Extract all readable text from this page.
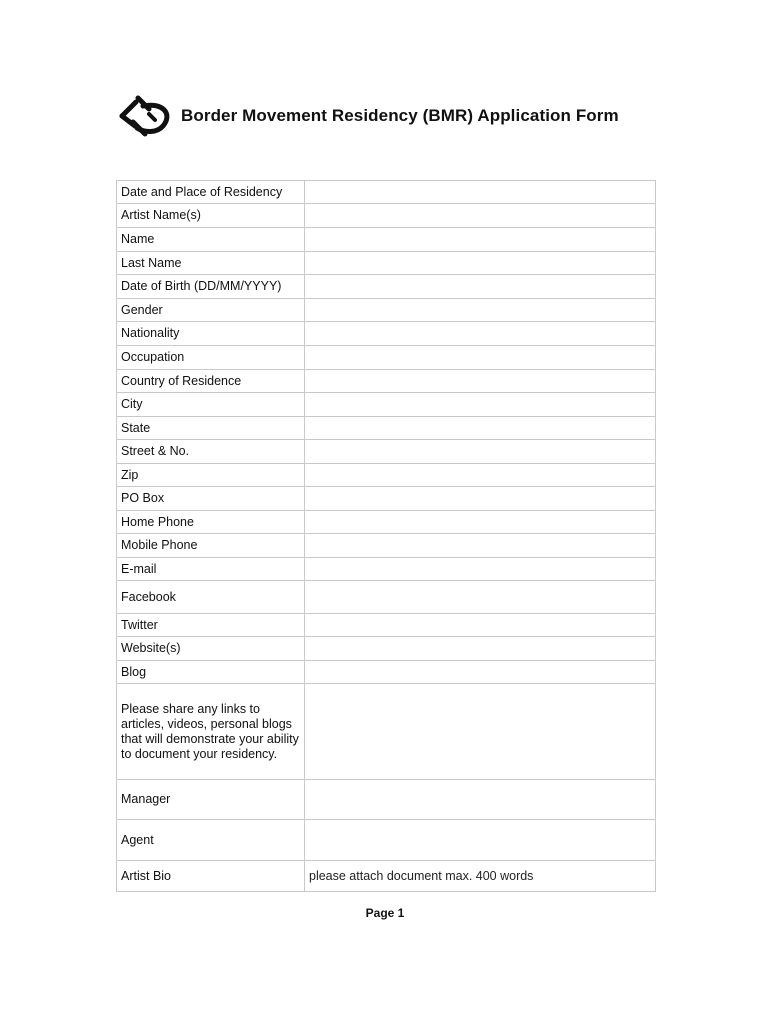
Border Movement Residency (BMR) Application Form
Date and Place of Residency	
Artist Name(s)	
Name	
Last Name	
Date of Birth (DD/MM/YYYY)	
Gender	
Nationality	
Occupation	
Country of Residence	
City	
State	
Street & No.	
Zip	
PO Box	
Home Phone	
Mobile Phone	
E-mail	
Facebook	
Twitter	
Website(s)	
Blog	
Please share any links to articles, videos, personal blogs that will demonstrate your ability to document your residency.	
Manager	
Agent	
Artist Bio	please attach document max. 400 words
Page 1
